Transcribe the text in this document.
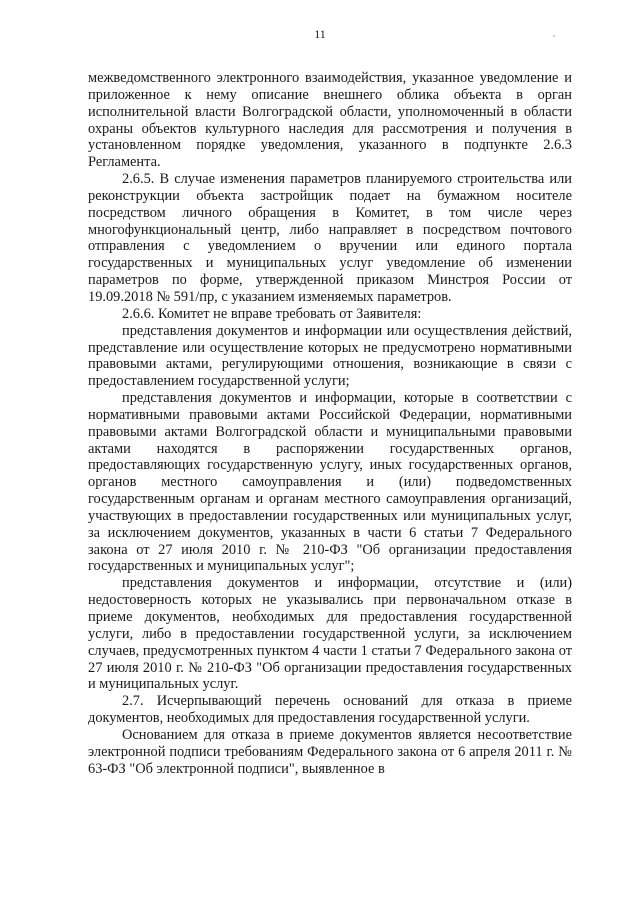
11

межведомственного электронного взаимодействия, указанное уведомление и приложенное к нему описание внешнего облика объекта в орган исполнительной власти Волгоградской области, уполномоченный в области охраны объектов культурного наследия для рассмотрения и получения в установленном порядке уведомления, указанного в подпункте 2.6.3 Регламента.

2.6.5. В случае изменения параметров планируемого строительства или реконструкции объекта застройщик подает на бумажном носителе посредством личного обращения в Комитет, в том числе через многофункциональный центр, либо направляет в посредством почтового отправления с уведомлением о вручении или единого портала государственных и муниципальных услуг уведомление об изменении параметров по форме, утвержденной приказом Минстроя России от 19.09.2018 № 591/пр, с указанием изменяемых параметров.

2.6.6. Комитет не вправе требовать от Заявителя:

представления документов и информации или осуществления действий, представление или осуществление которых не предусмотрено нормативными правовыми актами, регулирующими отношения, возникающие в связи с предоставлением государственной услуги;

представления документов и информации, которые в соответствии с нормативными правовыми актами Российской Федерации, нормативными правовыми актами Волгоградской области и муниципальными правовыми актами находятся в распоряжении государственных органов, предоставляющих государственную услугу, иных государственных органов, органов местного самоуправления и (или) подведомственных государственным органам и органам местного самоуправления организаций, участвующих в предоставлении государственных или муниципальных услуг, за исключением документов, указанных в части 6 статьи 7 Федерального закона от 27 июля 2010 г. № 210-ФЗ "Об организации предоставления государственных и муниципальных услуг";

представления документов и информации, отсутствие и (или) недостоверность которых не указывались при первоначальном отказе в приеме документов, необходимых для предоставления государственной услуги, либо в предоставлении государственной услуги, за исключением случаев, предусмотренных пунктом 4 части 1 статьи 7 Федерального закона от 27 июля 2010 г. № 210-ФЗ "Об организации предоставления государственных и муниципальных услуг.

2.7. Исчерпывающий перечень оснований для отказа в приеме документов, необходимых для предоставления государственной услуги.

Основанием для отказа в приеме документов является несоответствие электронной подписи требованиям Федерального закона от 6 апреля 2011 г. № 63-ФЗ "Об электронной подписи", выявленное в
